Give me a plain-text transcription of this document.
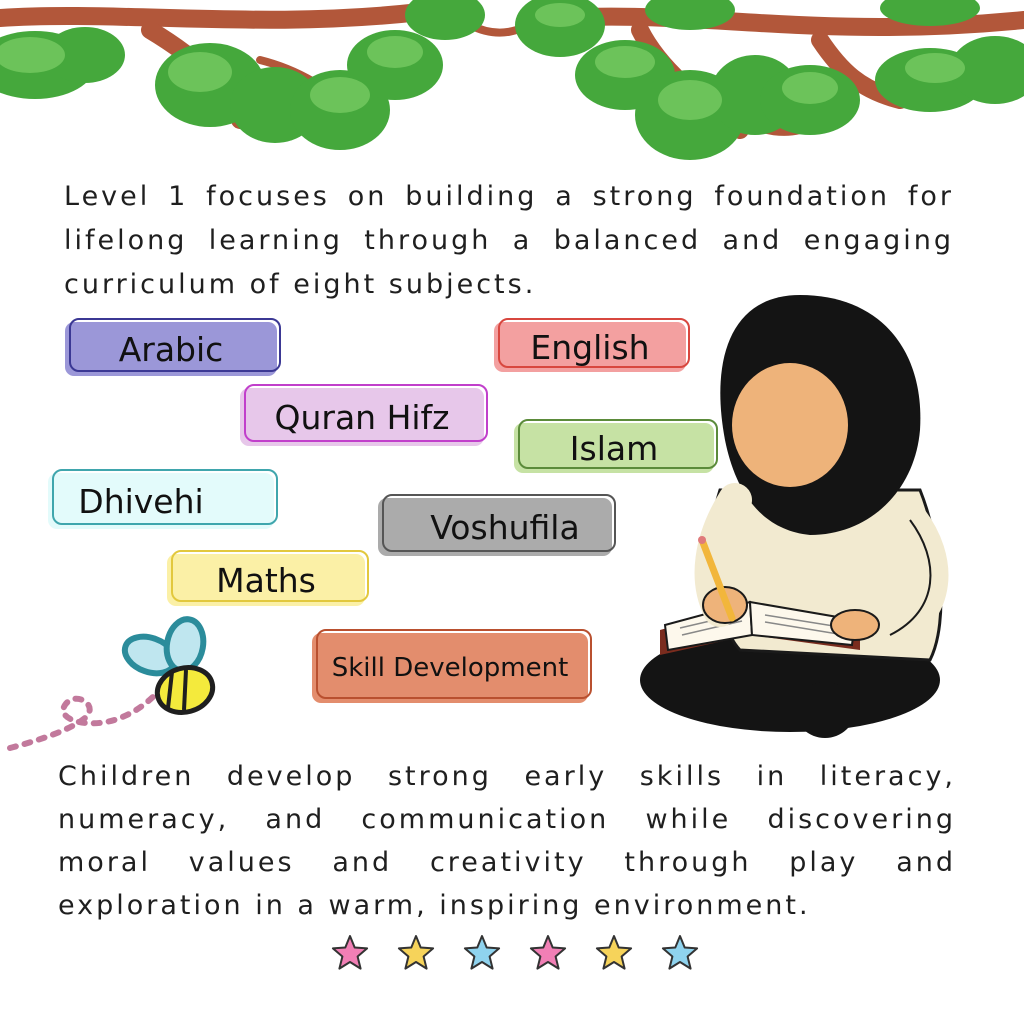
Level 1 focuses on building a strong foundation for lifelong learning through a balanced and engaging curriculum of eight subjects.

Arabic	English
Quran Hifz
Islam
Dhivehi
Voshufila
Maths
Skill Development

Children develop strong early skills in literacy, numeracy, and communication while discovering moral values and creativity through play and exploration in a warm, inspiring environment.
